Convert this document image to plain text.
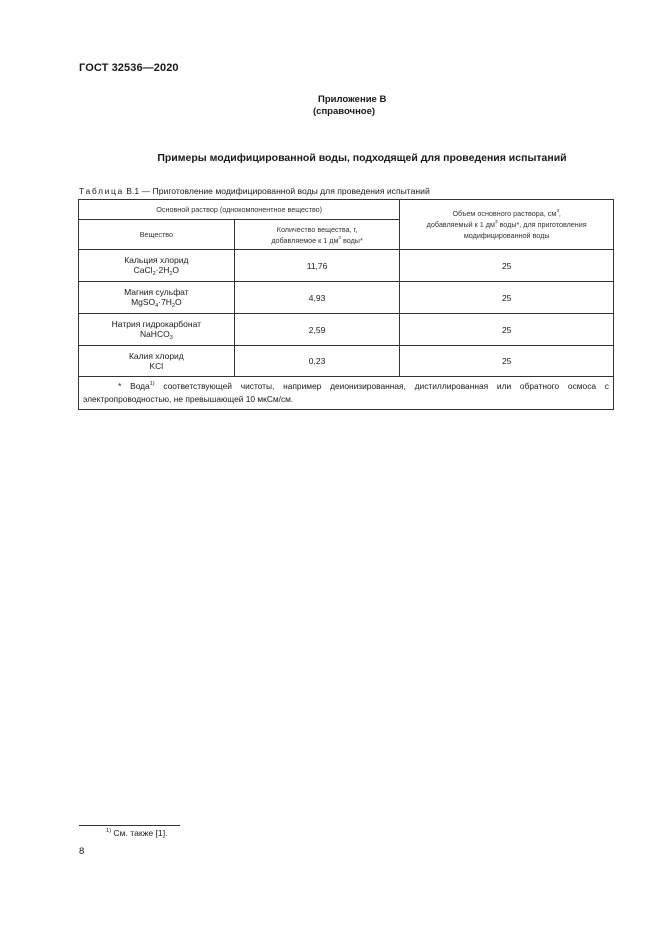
ГОСТ 32536—2020
Приложение В
(справочное)
Примеры модифицированной воды, подходящей для проведения испытаний
Таблица В.1 — Приготовление модифицированной воды для проведения испытаний
Основной раствор (однокомпонентное вещество)		Объем основного раствора, $см^3$,
добавляемый к 1 $дм^3$ воды*, для приготовления
модифицированной воды
Вещество	Количество вещества, г,
добавляемое к 1 $дм^3$ воды*	
Кальция хлорид
$CaCl_2\cdot 2H_2O$	11,76	25
Магния сульфат
$MgSO_4\cdot 7H_2O$	4,93	25
Натрия гидрокарбонат
NaHCO$_3$	2,59	25
Калия хлорид
KCl	0,23	25
* Вода$^{1)}$ соответствующей чистоты, например деионизированная, дистиллированная или обратного осмоса с электропроводностью, не превышающей 10 мкСм/см.		
$^{1)}$ См. также [1].
8
